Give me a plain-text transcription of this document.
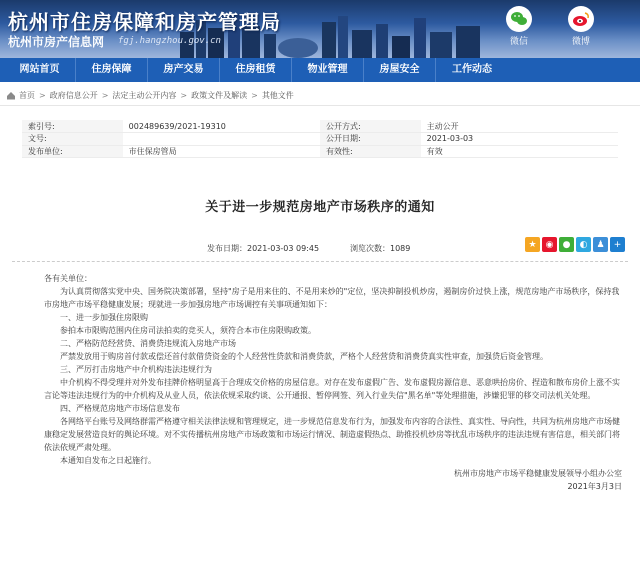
杭州市住房保障和房产管理局
杭州市房产信息网 fgj.hangzhou.gov.cn	微信	微博
网站首页	住房保障	房产交易	住房租赁	物业管理	房屋安全	工作动态
首页 > 政府信息公开 > 法定主动公开内容 > 政策文件及解读 > 其他文件
索引号:	002489639/2021-19310	公开方式:	主动公开
文号:		公开日期:	2021-03-03
发布单位:	市住保房管局	有效性:	有效
关于进一步规范房地产市场秩序的通知
发布日期：2021-03-03 09:45	浏览次数：1089	★	◉	●	◐	♟	+

各有关单位：

为认真贯彻落实党中央、国务院决策部署，坚持"房子是用来住的、不是用来炒的"定位，坚决抑制投机炒房，遏制房价过快上涨，规范房地产市场秩序，保持我市房地产市场平稳健康发展；现就进一步加强房地产市场调控有关事项通知如下：

一、进一步加强住房限购

参拍本市限购范围内住房司法拍卖的竞买人，须符合本市住房限购政策。

二、严格防范经营贷、消费贷违规流入房地产市场

严禁发放用于购房首付款或偿还首付款借贷资金的个人经营性贷款和消费贷款，严格个人经营贷和消费贷真实性审查，加强贷后资金管理。

三、严厉打击房地产中介机构违法违规行为

中介机构不得受理并对外发布挂牌价格明显高于合理成交价格的房屋信息。对存在发布虚假广告、发布虚假房源信息、恶意哄抬房价、捏造和散布房价上涨不实言论等违法违规行为的中介机构及从业人员，依法依规采取约谈、公开通报、暂停网签、列入行业失信"黑名单"等处理措施，涉嫌犯罪的移交司法机关处理。

四、严格规范房地产市场信息发布

各网络平台账号及网络群需严格遵守相关法律法规和管理规定，进一步规范信息发布行为，加强发布内容的合法性、真实性、导向性，共同为杭州房地产市场健康稳定发展营造良好的舆论环境。对不实传播杭州房地产市场政策和市场运行情况、制造虚假热点、助推投机炒房等扰乱市场秩序的违法违规有害信息，相关部门将依法依规严肃处理。

本通知自发布之日起施行。

杭州市房地产市场平稳健康发展领导小组办公室

2021年3月3日
